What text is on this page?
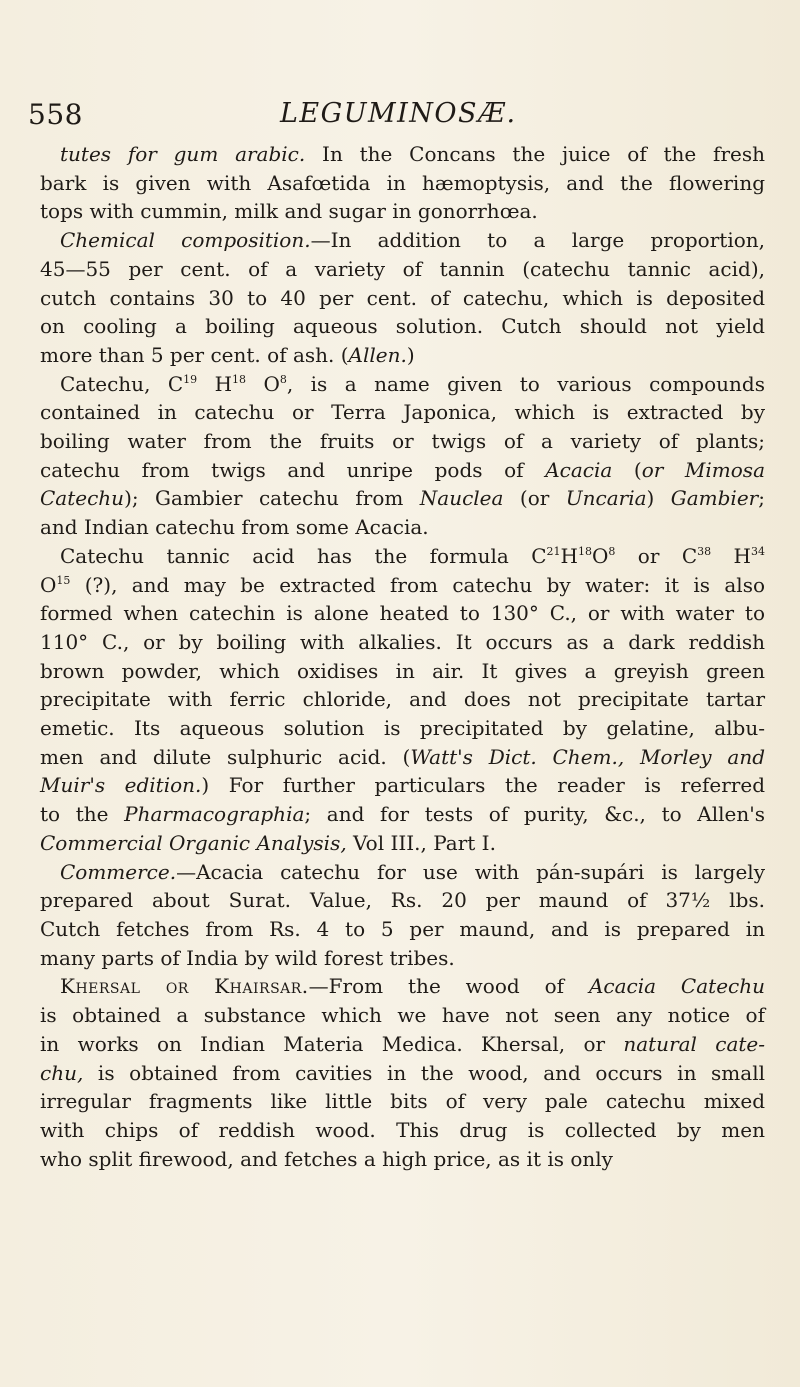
558	LEGUMINOSÆ.
tutes for gum arabic. In the Concans the juice of the fresh
bark is given with Asafœtida in hæmoptysis, and the flowering
tops with cummin, milk and sugar in gonorrhœa.
Chemical composition.—In addition to a large proportion,
45—55 per cent. of a variety of tannin (catechu tannic acid),
cutch contains 30 to 40 per cent. of catechu, which is deposited
on cooling a boiling aqueous solution. Cutch should not yield
more than 5 per cent. of ash. (Allen.)
Catechu, $C^{19}$ $H^{18}$ $O^8$, is a name given to various compounds
contained in catechu or Terra Japonica, which is extracted by
boiling water from the fruits or twigs of a variety of plants;
catechu from twigs and unripe pods of Acacia (or Mimosa
Catechu); Gambier catechu from Nauclea (or Uncaria) Gambier;
and Indian catechu from some Acacia.
Catechu tannic acid has the formula $C^{21}H^{18}O^8$ or $C^{38}$ $H^{34}$
$O^{15}$ (?), and may be extracted from catechu by water: it is also
formed when catechin is alone heated to 130° C., or with water to
110° C., or by boiling with alkalies. It occurs as a dark reddish
brown powder, which oxidises in air. It gives a greyish green
precipitate with ferric chloride, and does not precipitate tartar
emetic. Its aqueous solution is precipitated by gelatine, albu-
men and dilute sulphuric acid. (Watt's Dict. Chem., Morley and
Muir's edition.) For further particulars the reader is referred
to the Pharmacographia; and for tests of purity, &c., to Allen's
Commercial Organic Analysis, Vol III., Part I.
Commerce.—Acacia catechu for use with pán-supári is largely
prepared about Surat. Value, Rs. 20 per maund of 37½ lbs.
Cutch fetches from Rs. 4 to 5 per maund, and is prepared in
many parts of India by wild forest tribes.
Khersal or Khairsar.—From the wood of Acacia Catechu
is obtained a substance which we have not seen any notice of
in works on Indian Materia Medica. Khersal, or natural cate-
chu, is obtained from cavities in the wood, and occurs in small
irregular fragments like little bits of very pale catechu mixed
with chips of reddish wood. This drug is collected by men
who split firewood, and fetches a high price, as it is only
